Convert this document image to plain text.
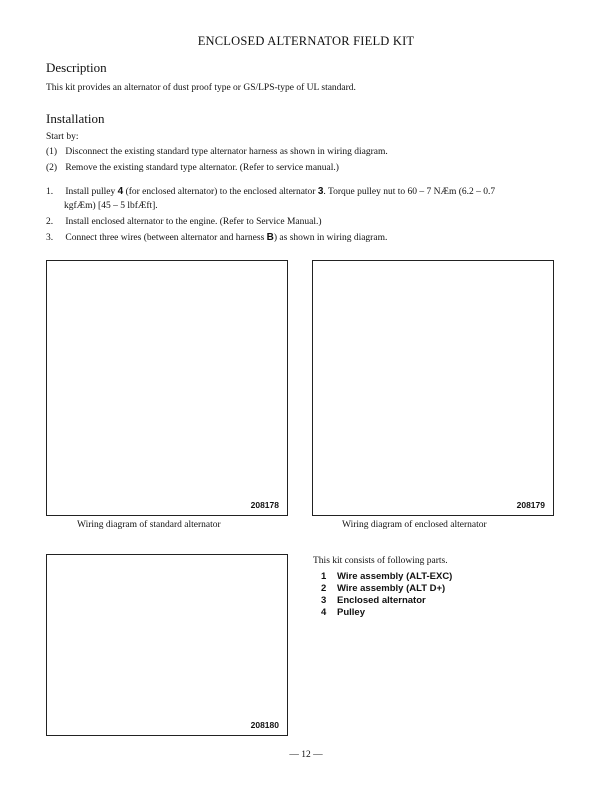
ENCLOSED ALTERNATOR FIELD KIT
Description
This kit provides an alternator of dust proof type or GS/LPS-type of UL standard.
Installation
Start by:
(1) Disconnect the existing standard type alternator harness as shown in wiring diagram.
(2) Remove the existing standard type alternator. (Refer to service manual.)
1. Install pulley 4 (for enclosed alternator) to the enclosed alternator 3. Torque pulley nut to 60 – 7 NÆm (6.2 – 0.7
kgfÆm) [45 – 5 lbfÆft].
2. Install enclosed alternator to the engine. (Refer to Service Manual.)
3. Connect three wires (between alternator and harness B) as shown in wiring diagram.
208178
Wiring diagram of standard alternator
208179
Wiring diagram of enclosed alternator
208180
This kit consists of following parts.
1 Wire assembly (ALT-EXC)
2 Wire assembly (ALT D+)
3 Enclosed alternator
4 Pulley
— 12 —
